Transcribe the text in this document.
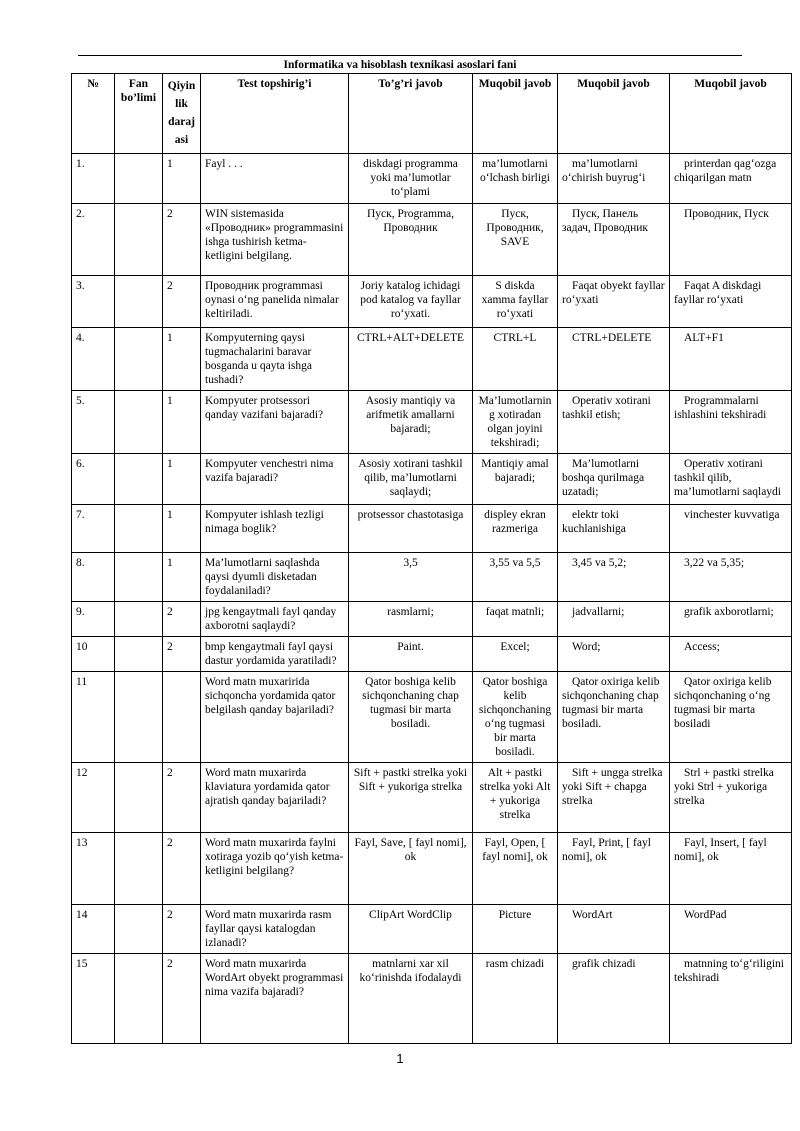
Informatika va hisoblash texnikasi asoslari fani
№	Fan bo’limi	Qiyin lik daraj asi	Test topshirig’i	To’g’ri javob	Muqobil javob	Muqobil javob	Muqobil javob
1.		1	Fayl . . .	diskdagi programma yoki ma’lumotlar to‘plami	ma’lumotlarni o‘lchash birligi	ma’lumotlarni o‘chirish buyrug‘i	printerdan qag‘ozga chiqarilgan matn
2.		2	WIN sistemasida «Проводник» programmasini ishga tushirish ketma-ketligini belgilang.	Пуск, Programma, Проводник	Пуск, Проводник, SAVE	Пуск, Панель задач, Проводник	Проводник, Пуск
3.		2	Проводник programmasi oynasi o‘ng panelida nimalar keltiriladi.	Joriy katalog ichidagi pod katalog va fayllar ro‘yxati.	S diskda xamma fayllar ro‘yxati	Faqat obyekt fayllar ro‘yxati	Faqat A diskdagi fayllar ro‘yxati
4.		1	Kompyuterning qaysi tugmachalarini baravar bosganda u qayta ishga tushadi?	CTRL+ALT+DELETE	CTRL+L	CTRL+DELETE	ALT+F1
5.		1	Kompyuter protsessori qanday vazifani bajaradi?	Asosiy mantiqiy va arifmetik amallarni bajaradi;	Ma’lumotlarnin g xotiradan olgan joyini tekshiradi;	Operativ xotirani tashkil etish;	Programmalarni ishlashini tekshiradi
6.		1	Kompyuter venchestri nima vazifa bajaradi?	Asosiy xotirani tashkil qilib, ma’lumotlarni saqlaydi;	Mantiqiy amal bajaradi;	Ma’lumotlarni boshqa qurilmaga uzatadi;	Operativ xotirani tashkil qilib, ma’lumotlarni saqlaydi
7.		1	Kompyuter ishlash tezligi nimaga boglik?	protsessor chastotasiga	displey ekran razmeriga	elektr toki kuchlanishiga	vinchester kuvvatiga
8.		1	Ma’lumotlarni saqlashda qaysi dyumli disketadan foydalaniladi?	3,5	3,55 va 5,5	3,45 va 5,2;	3,22 va 5,35;
9.		2	jpg kengaytmali fayl qanday axborotni saqlaydi?	rasmlarni;	faqat matnli;	jadvallarni;	grafik axborotlarni;
10		2	bmp kengaytmali fayl qaysi dastur yordamida yaratiladi?	Paint.	Excel;	Word;	Access;
11			Word matn muxaririda sichqoncha yordamida qator belgilash qanday bajariladi?	Qator boshiga kelib sichqonchaning chap tugmasi bir marta bosiladi.	Qator boshiga kelib sichqonchaning o‘ng tugmasi bir marta bosiladi.	Qator oxiriga kelib sichqonchaning chap tugmasi bir marta bosiladi.	Qator oxiriga kelib sichqonchaning o‘ng tugmasi bir marta bosiladi
12		2	Word matn muxarirda klaviatura yordamida qator ajratish qanday bajariladi?	Sift + pastki strelka yoki Sift + yukoriga strelka	Alt + pastki strelka yoki Alt + yukoriga strelka	Sift + ungga strelka yoki Sift + chapga strelka	Strl + pastki strelka yoki Strl + yukoriga strelka
13		2	Word matn muxarirda faylni xotiraga yozib qo‘yish ketma-ketligini belgilang?	Fayl, Save, [ fayl nomi], ok	Fayl, Open, [ fayl nomi], ok	Fayl, Print, [ fayl nomi], ok	Fayl, Insert, [ fayl nomi], ok
14		2	Word matn muxarirda rasm fayllar qaysi katalogdan izlanadi?	ClipArt WordClip	Picture	WordArt	WordPad
15		2	Word matn muxarirda WordArt obyekt programmasi nima vazifa bajaradi?	matnlarni xar xil ko‘rinishda ifodalaydi	rasm chizadi	grafik chizadi	matnning to‘g‘riligini tekshiradi
1
